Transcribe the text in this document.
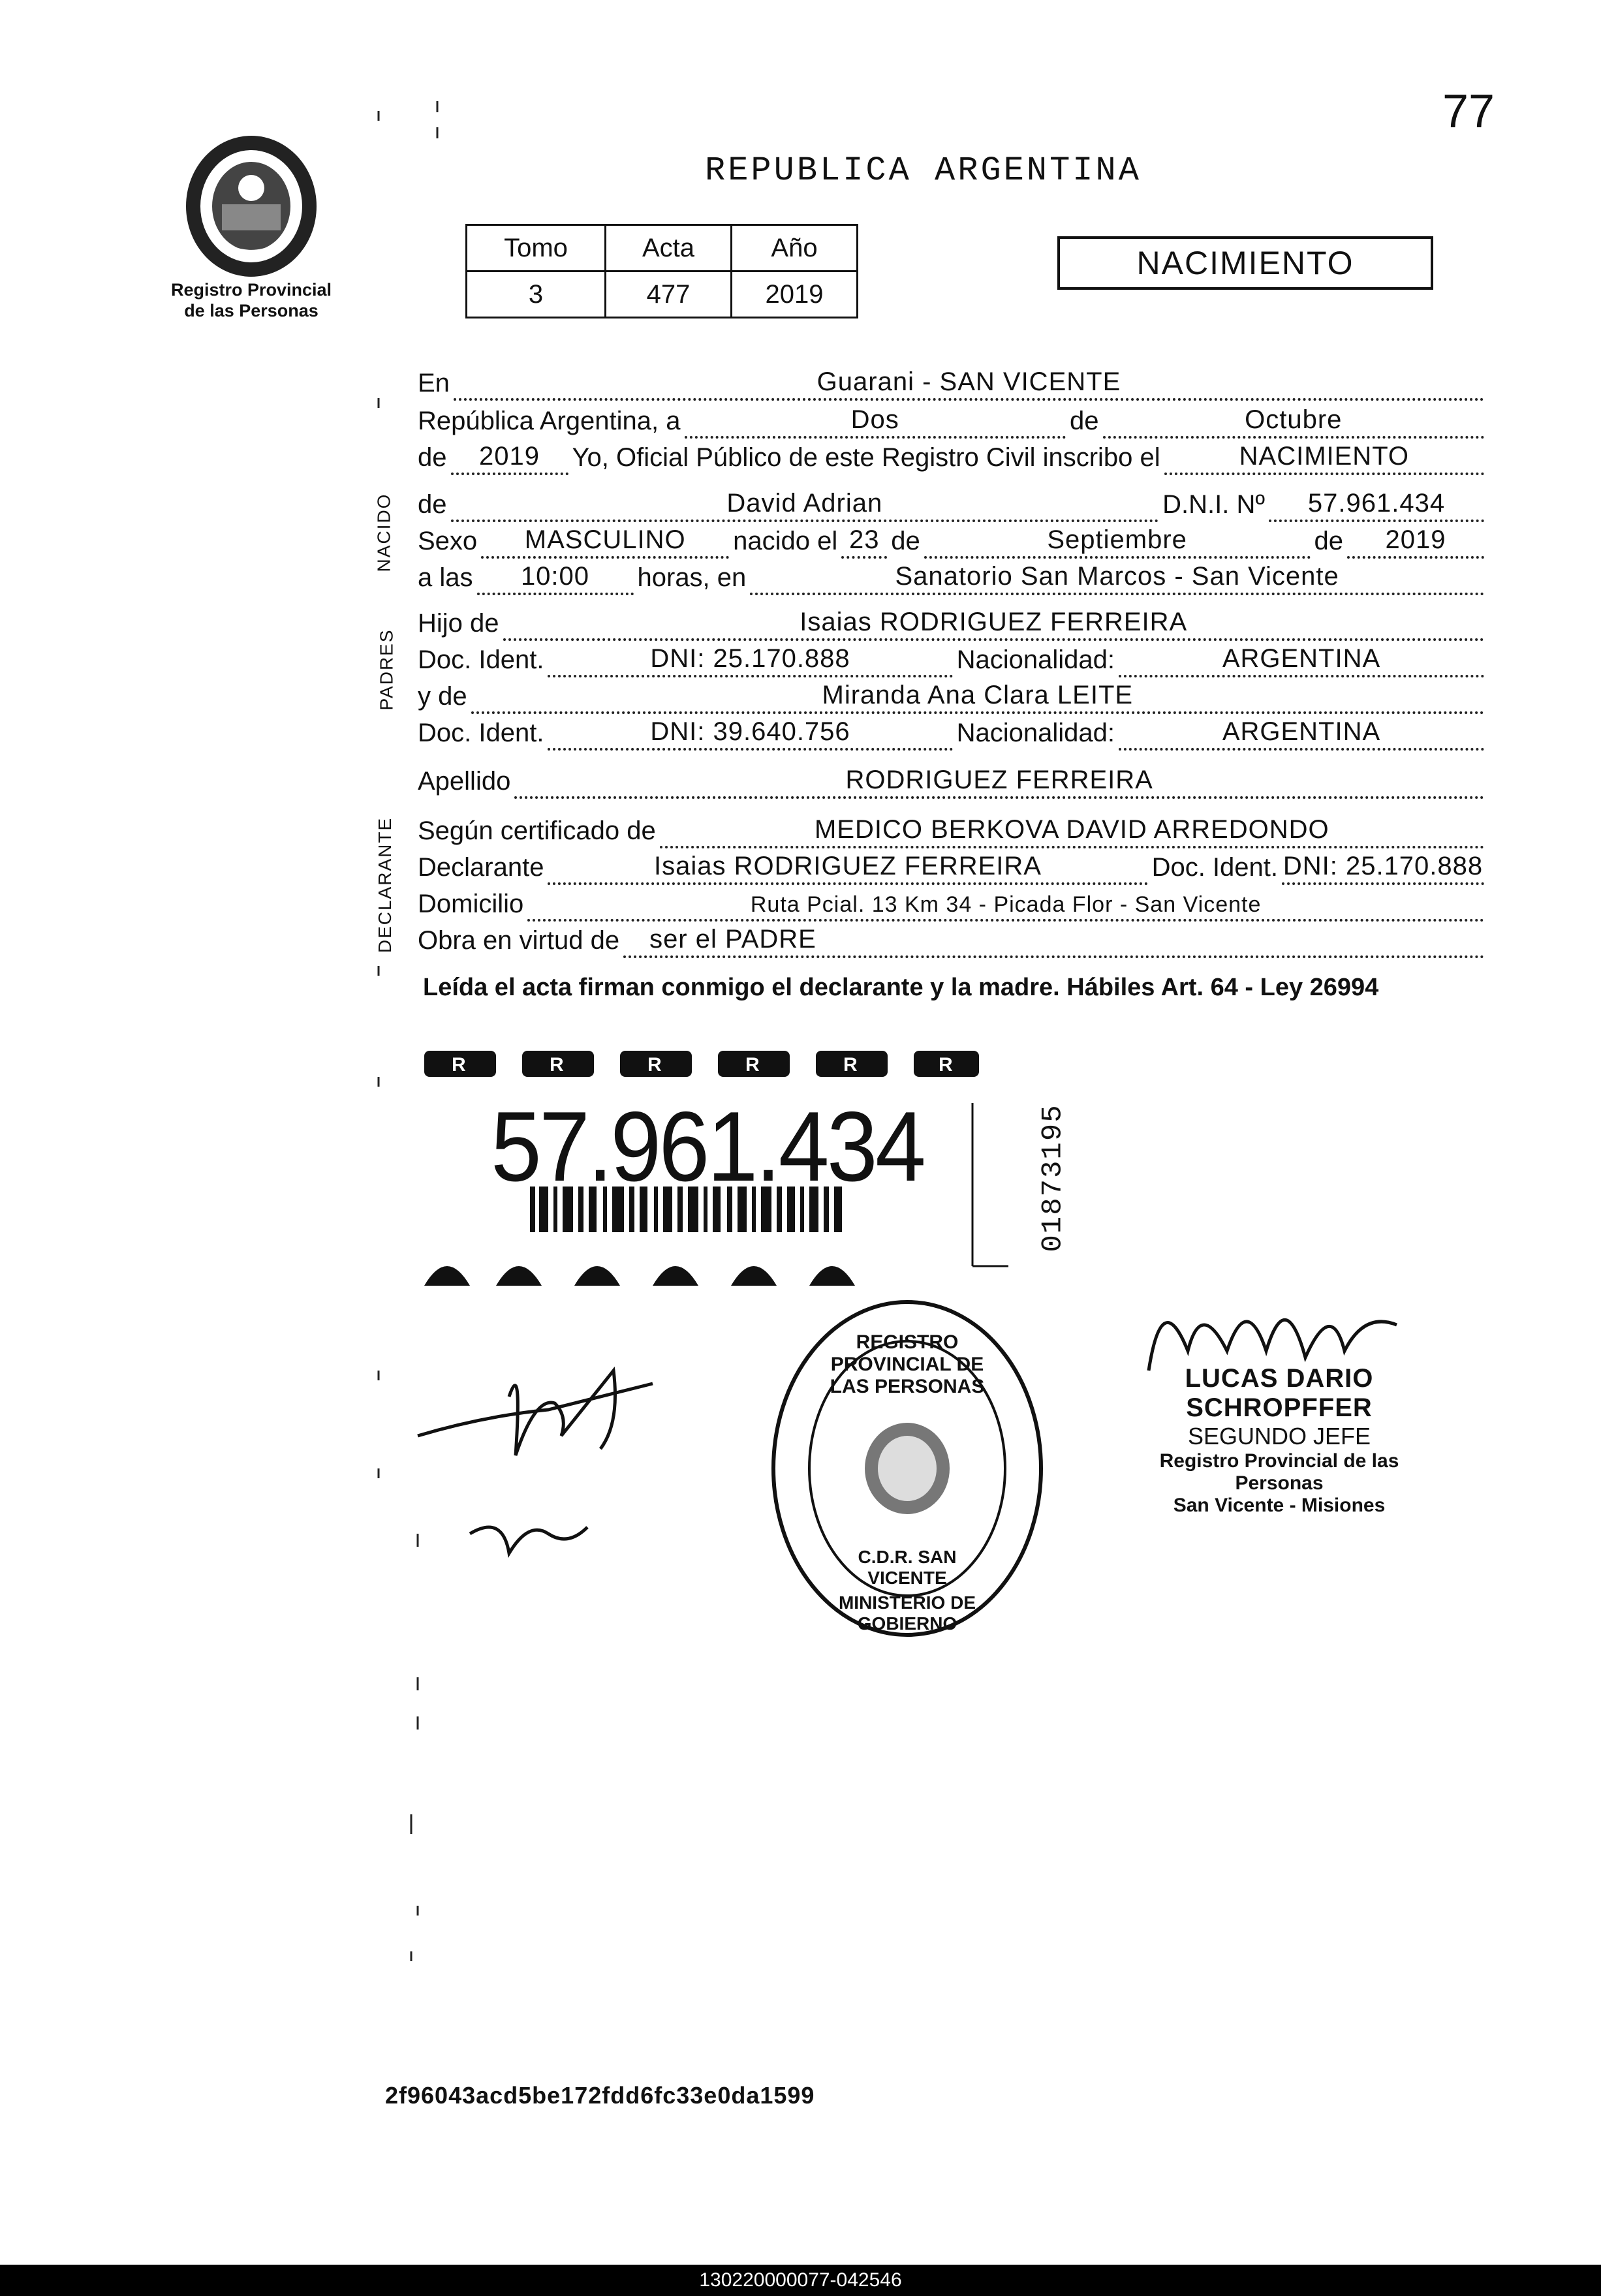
77
REPUBLICA ARGENTINA
Registro Provincial
de las Personas
Tomo	Acta	Año
3	477	2019
NACIMIENTO
NACIDO
PADRES
DECLARANTE
En	Guarani - SAN VICENTE
República Argentina, a	Dos	de	Octubre
de	2019	Yo, Oficial Público de este Registro Civil inscribo el	NACIMIENTO
de	David Adrian	D.N.I. Nº	57.961.434
Sexo	MASCULINO	nacido el 23 de	Septiembre	de	2019
a las	10:00	horas, en	Sanatorio San Marcos - San Vicente
Hijo de	Isaias RODRIGUEZ FERREIRA
Doc. Ident.	DNI: 25.170.888	Nacionalidad:	ARGENTINA
y de	Miranda Ana Clara LEITE
Doc. Ident.	DNI: 39.640.756	Nacionalidad:	ARGENTINA
Apellido	RODRIGUEZ FERREIRA
Según certificado de	MEDICO BERKOVA DAVID ARREDONDO
Declarante	Isaias RODRIGUEZ FERREIRA	Doc. Ident. DNI: 25.170.888
Domicilio	Ruta Pcial. 13 Km 34 - Picada Flor - San Vicente
Obra en virtud de ser el PADRE
Leída el acta firman conmigo el declarante y la madre. Hábiles Art. 64 - Ley 26994
R	R	R	R	R	R
57.961.434	01873195
REGISTRO PROVINCIAL DE LAS PERSONAS
C.D.R. SAN VICENTE
MINISTERIO DE GOBIERNO
LUCAS DARIO SCHROPFFER
SEGUNDO JEFE
Registro Provincial de las Personas
San Vicente - Misiones
2f96043acd5be172fdd6fc33e0da1599
130220000077-042546
